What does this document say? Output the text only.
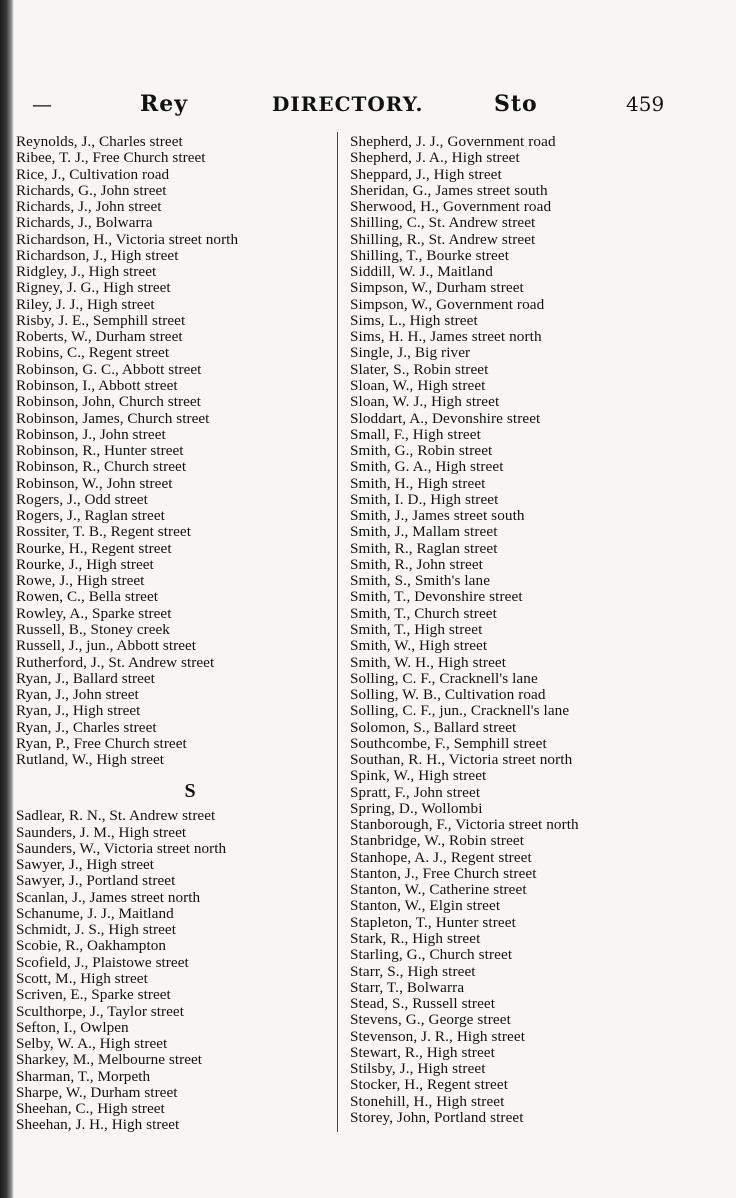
—	Rey	DIRECTORY.	Sto	459
Reynolds, J., Charles street
Ribee, T. J., Free Church street
Rice, J., Cultivation road
Richards, G., John street
Richards, J., John street
Richards, J., Bolwarra
Richardson, H., Victoria street north
Richardson, J., High street
Ridgley, J., High street
Rigney, J. G., High street
Riley, J. J., High street
Risby, J. E., Semphill street
Roberts, W., Durham street
Robins, C., Regent street
Robinson, G. C., Abbott street
Robinson, I., Abbott street
Robinson, John, Church street
Robinson, James, Church street
Robinson, J., John street
Robinson, R., Hunter street
Robinson, R., Church street
Robinson, W., John street
Rogers, J., Odd street
Rogers, J., Raglan street
Rossiter, T. B., Regent street
Rourke, H., Regent street
Rourke, J., High street
Rowe, J., High street
Rowen, C., Bella street
Rowley, A., Sparke street
Russell, B., Stoney creek
Russell, J., jun., Abbott street
Rutherford, J., St. Andrew street
Ryan, J., Ballard street
Ryan, J., John street
Ryan, J., High street
Ryan, J., Charles street
Ryan, P., Free Church street
Rutland, W., High street
S
Sadlear, R. N., St. Andrew street
Saunders, J. M., High street
Saunders, W., Victoria street north
Sawyer, J., High street
Sawyer, J., Portland street
Scanlan, J., James street north
Schanume, J. J., Maitland
Schmidt, J. S., High street
Scobie, R., Oakhampton
Scofield, J., Plaistowe street
Scott, M., High street
Scriven, E., Sparke street
Sculthorpe, J., Taylor street
Sefton, I., Owlpen
Selby, W. A., High street
Sharkey, M., Melbourne street
Sharman, T., Morpeth
Sharpe, W., Durham street
Sheehan, C., High street
Sheehan, J. H., High street
Shepherd, J. J., Government road
Shepherd, J. A., High street
Sheppard, J., High street
Sheridan, G., James street south
Sherwood, H., Government road
Shilling, C., St. Andrew street
Shilling, R., St. Andrew street
Shilling, T., Bourke street
Siddill, W. J., Maitland
Simpson, W., Durham street
Simpson, W., Government road
Sims, L., High street
Sims, H. H., James street north
Single, J., Big river
Slater, S., Robin street
Sloan, W., High street
Sloan, W. J., High street
Sloddart, A., Devonshire street
Small, F., High street
Smith, G., Robin street
Smith, G. A., High street
Smith, H., High street
Smith, I. D., High street
Smith, J., James street south
Smith, J., Mallam street
Smith, R., Raglan street
Smith, R., John street
Smith, S., Smith's lane
Smith, T., Devonshire street
Smith, T., Church street
Smith, T., High street
Smith, W., High street
Smith, W. H., High street
Solling, C. F., Cracknell's lane
Solling, W. B., Cultivation road
Solling, C. F., jun., Cracknell's lane
Solomon, S., Ballard street
Southcombe, F., Semphill street
Southan, R. H., Victoria street north
Spink, W., High street
Spratt, F., John street
Spring, D., Wollombi
Stanborough, F., Victoria street north
Stanbridge, W., Robin street
Stanhope, A. J., Regent street
Stanton, J., Free Church street
Stanton, W., Catherine street
Stanton, W., Elgin street
Stapleton, T., Hunter street
Stark, R., High street
Starling, G., Church street
Starr, S., High street
Starr, T., Bolwarra
Stead, S., Russell street
Stevens, G., George street
Stevenson, J. R., High street
Stewart, R., High street
Stilsby, J., High street
Stocker, H., Regent street
Stonehill, H., High street
Storey, John, Portland street
